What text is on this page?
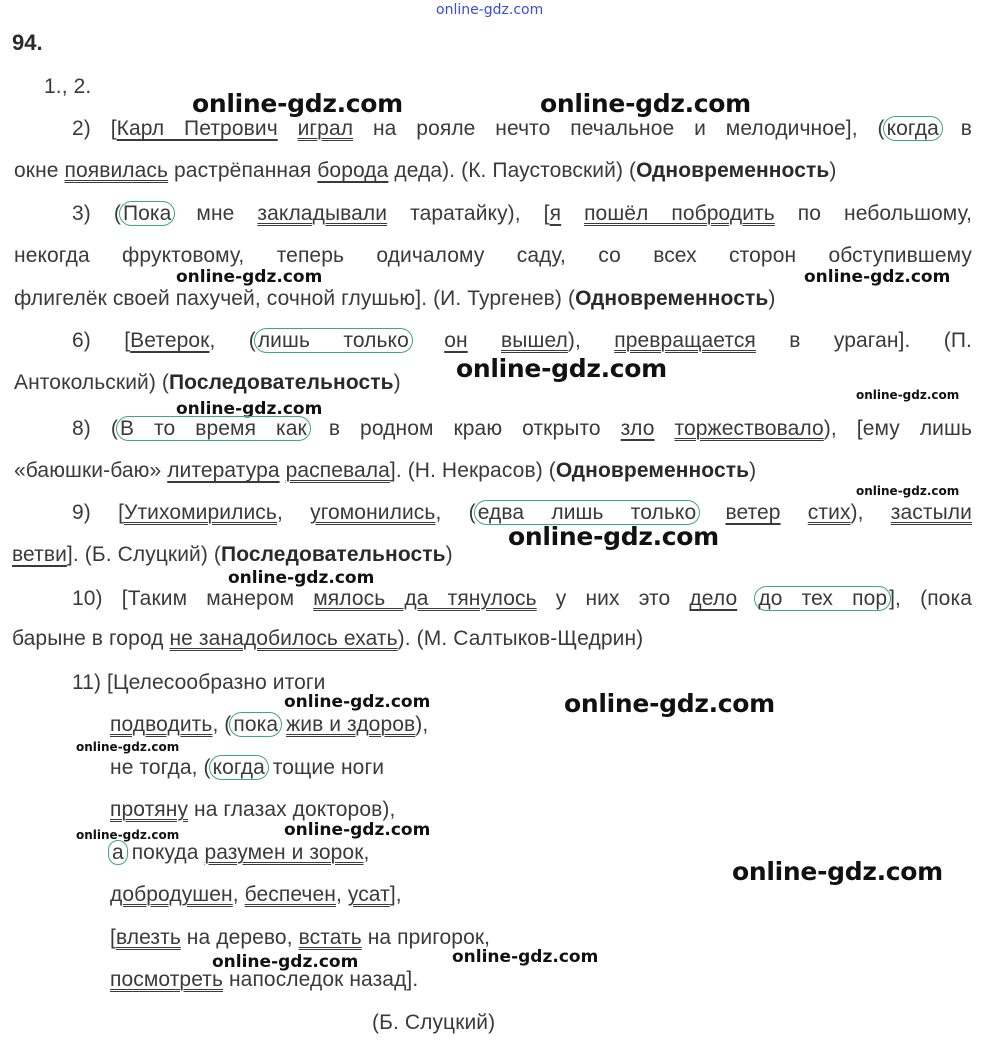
online-gdz.com
online-gdz.com	online-gdz.com
online-gdz.com	online-gdz.com
online-gdz.com
online-gdz.com
online-gdz.com
online-gdz.com
online-gdz.com
online-gdz.com
online-gdz.com	online-gdz.com
online-gdz.com
online-gdz.com
online-gdz.com
online-gdz.com
online-gdz.com	online-gdz.com
94.
1., 2.
2) [Карл Петрович играл на рояле нечто печальное и мелодичное], (когда в
окне появилась растрёпанная борода деда). (К. Паустовский) (Одновременность)
3) (Пока мне закладывали таратайку), [я пошёл побродить по небольшому,
некогда фруктовому, теперь одичалому саду, со всех сторон обступившему
флигелёк своей пахучей, сочной глушью]. (И. Тургенев) (Одновременность)
6) [Ветерок, (лишь только он вышел), превращается в ураган]. (П.
Антокольский) (Последовательность)
8) (В то время как в родном краю открыто зло торжествовало), [ему лишь
«баюшки-баю» литература распевала]. (Н. Некрасов) (Одновременность)
9) [Утихомирились, угомонились, (едва лишь только ветер стих), застыли
ветви]. (Б. Слуцкий) (Последовательность)
10) [Таким манером мялось да тянулось у них это дело до тех пор], (пока
барыне в город не занадобилось ехать). (М. Салтыков-Щедрин)
11) [Целесообразно итоги
подводить, (пока жив и здоров),
не тогда, (когда тощие ноги
протяну на глазах докторов),
а покуда разумен и зорок,
добродушен, беспечен, усат],
[влезть на дерево, встать на пригорок,
посмотреть напоследок назад].
(Б. Слуцкий)
